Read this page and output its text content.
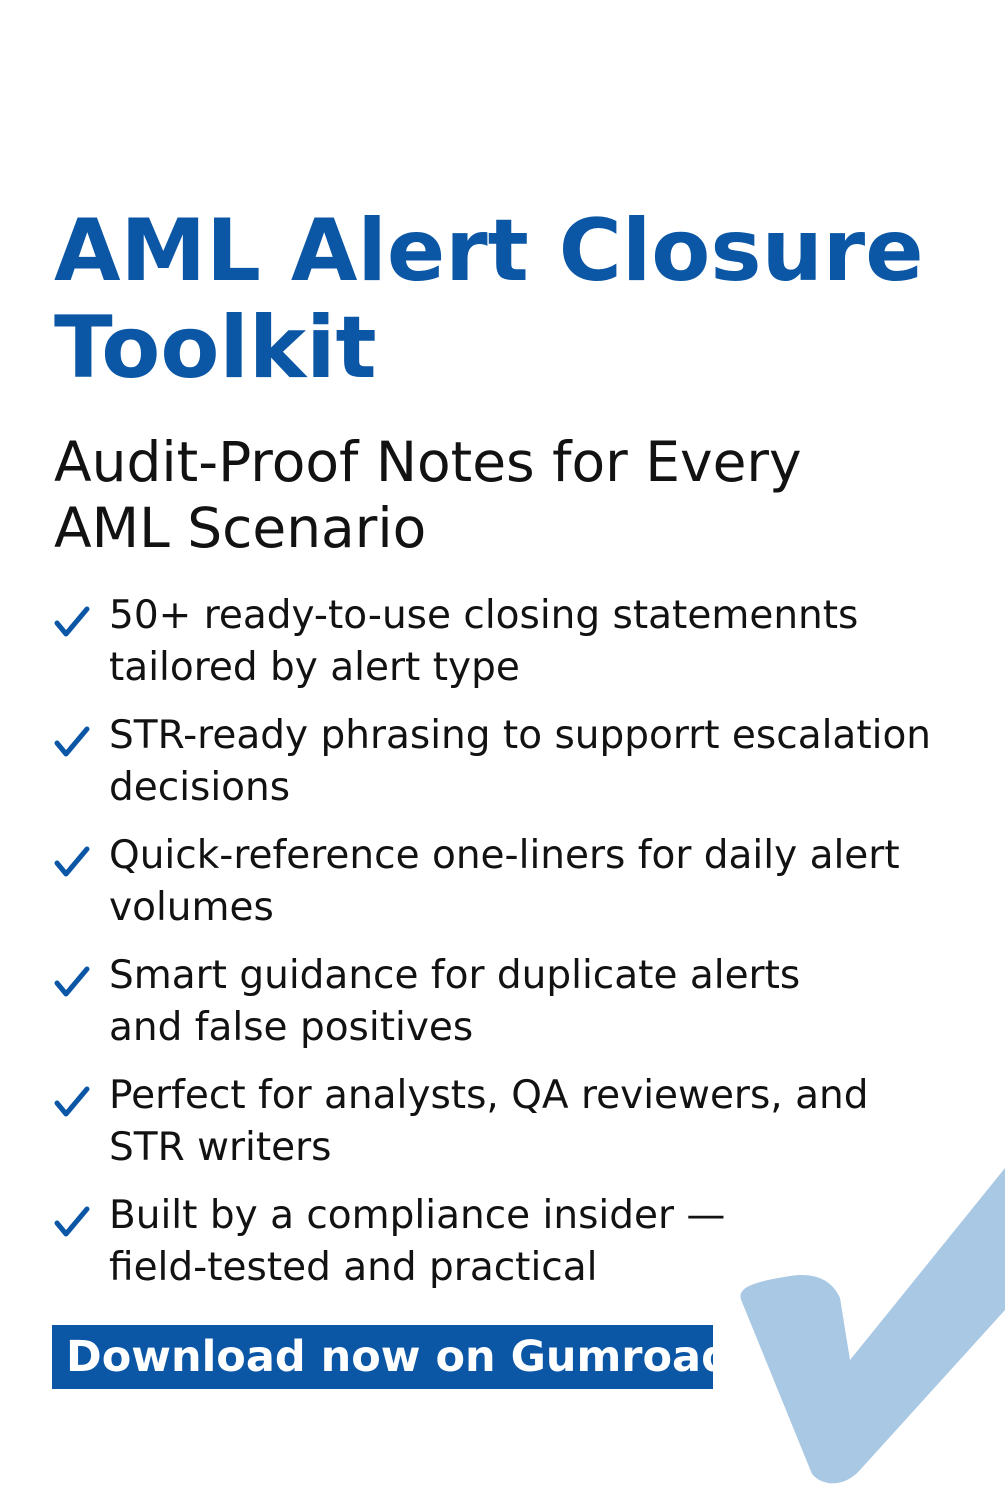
AML Alert Closure
Toolkit
Audit-Proof Notes for Every
AML Scenario
50+ ready-to-use closing statemennts
tailored by alert type
STR-ready phrasing to supporrt escalation
decisions
Quick-reference one-liners for daily alert
volumes
Smart guidance for duplicate alerts
and false positives
Perfect for analysts, QA reviewers, and
STR writers
Built by a compliance insider —
field-tested and practical
Download now on Gumroad
